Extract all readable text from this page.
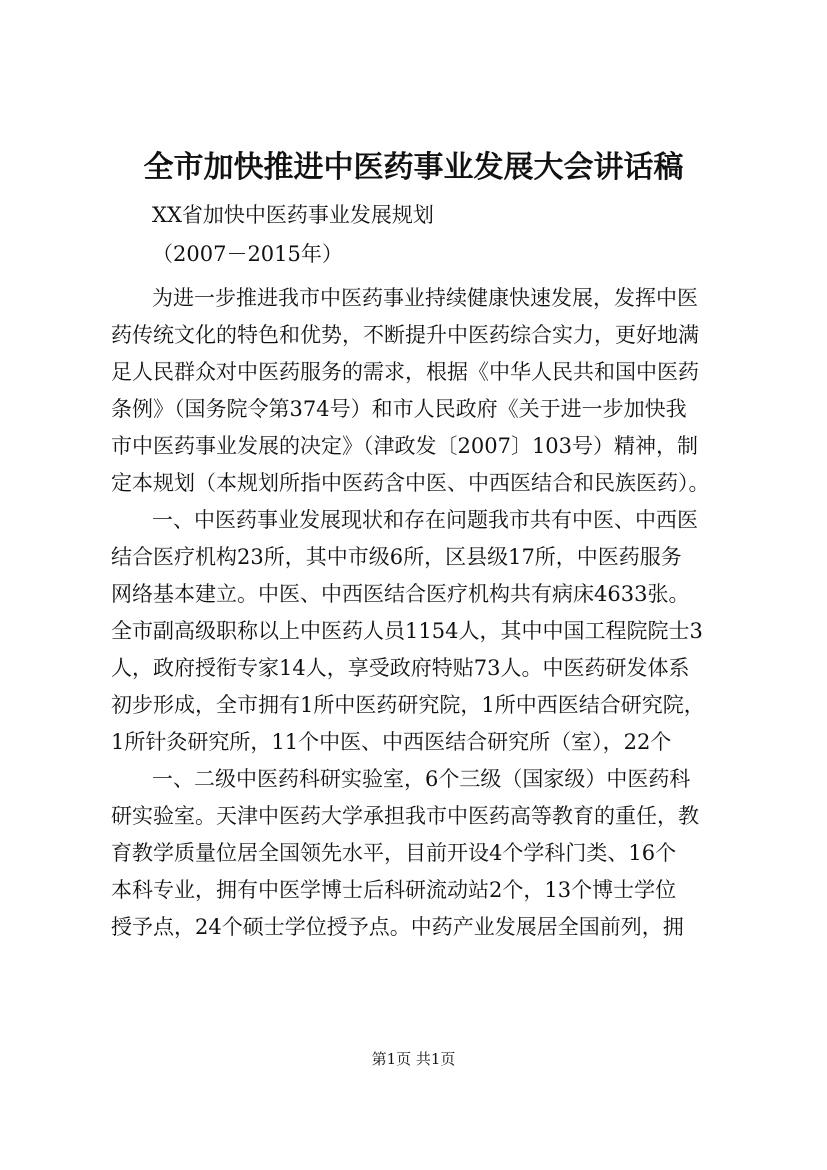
全市加快推进中医药事业发展大会讲话稿
XX省加快中医药事业发展规划
（2007－2015年）
为进一步推进我市中医药事业持续健康快速发展，发挥中医
药传统文化的特色和优势，不断提升中医药综合实力，更好地满
足人民群众对中医药服务的需求，根据《中华人民共和国中医药
条例》（国务院令第374号）和市人民政府《关于进一步加快我
市中医药事业发展的决定》（津政发〔2007〕103号）精神，制
定本规划（本规划所指中医药含中医、中西医结合和民族医药）。
一、中医药事业发展现状和存在问题我市共有中医、中西医
结合医疗机构23所，其中市级6所，区县级17所，中医药服务
网络基本建立。中医、中西医结合医疗机构共有病床4633张。
全市副高级职称以上中医药人员1154人，其中中国工程院院士3
人，政府授衔专家14人，享受政府特贴73人。中医药研发体系
初步形成，全市拥有1所中医药研究院，1所中西医结合研究院，
1所针灸研究所，11个中医、中西医结合研究所（室），22个
一、二级中医药科研实验室，6个三级（国家级）中医药科
研实验室。天津中医药大学承担我市中医药高等教育的重任，教
育教学质量位居全国领先水平，目前开设4个学科门类、16个
本科专业，拥有中医学博士后科研流动站2个，13个博士学位
授予点，24个硕士学位授予点。中药产业发展居全国前列，拥
第1页 共1页
